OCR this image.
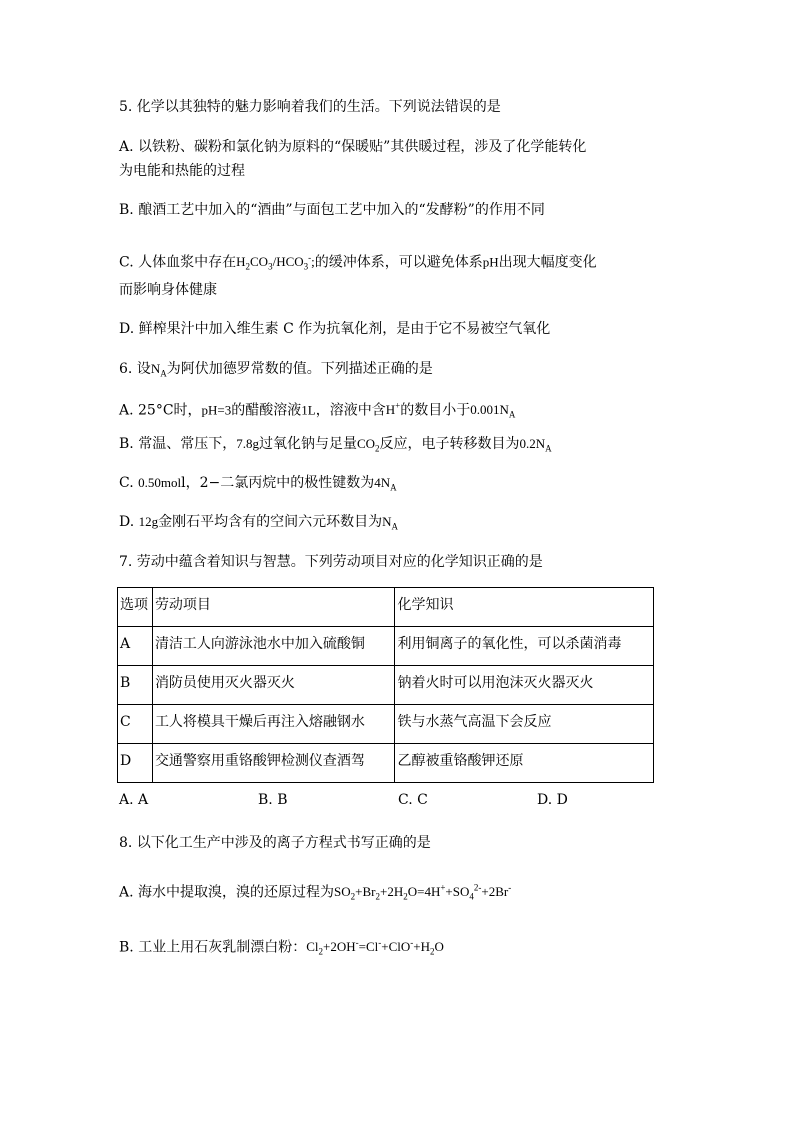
5. 化学以其独特的魅力影响着我们的生活。下列说法错误的是
A. 以铁粉、碳粉和氯化钠为原料的“保暖贴”其供暖过程，涉及了化学能转化
为电能和热能的过程
B. 酿酒工艺中加入的“酒曲”与面包工艺中加入的“发酵粉”的作用不同
C. 人体血浆中存在$H_2CO_3/HCO_3^-$;的缓冲体系，可以避免体系pH出现大幅度变化
而影响身体健康
D. 鲜榨果汁中加入维生素 C 作为抗氧化剂，是由于它不易被空气氧化
6. 设$N_A$为阿伏加德罗常数的值。下列描述正确的是
A. 25°C时，pH=3的醋酸溶液1L，溶液中含H+的数目小于$0.001N_A$
B. 常温、常压下，7.8g过氧化钠与足量$CO_2$反应，电子转移数目为$0.2N_A$
C. 0.50moll，2−二氯丙烷中的极性键数为$4N_A$
D. 12g金刚石平均含有的空间六元环数目为$N_A$
7. 劳动中蕴含着知识与智慧。下列劳动项目对应的化学知识正确的是
选项	劳动项目	化学知识
A	清洁工人向游泳池水中加入硫酸铜	利用铜离子的氧化性，可以杀菌消毒
B	消防员使用灭火器灭火	钠着火时可以用泡沫灭火器灭火
C	工人将模具干燥后再注入熔融钢水	铁与水蒸气高温下会反应
D	交通警察用重铬酸钾检测仪查酒驾	乙醇被重铬酸钾还原
A. A	B. B	C. C	D. D
8. 以下化工生产中涉及的离子方程式书写正确的是
A. 海水中提取溴，溴的还原过程为$SO_2+Br_2+2H_2O=4H^++SO_4^{2-}+2Br^-$
B. 工业上用石灰乳制漂白粉：$Cl_2+2OH^-=Cl^-+ClO^-+H_2O$
